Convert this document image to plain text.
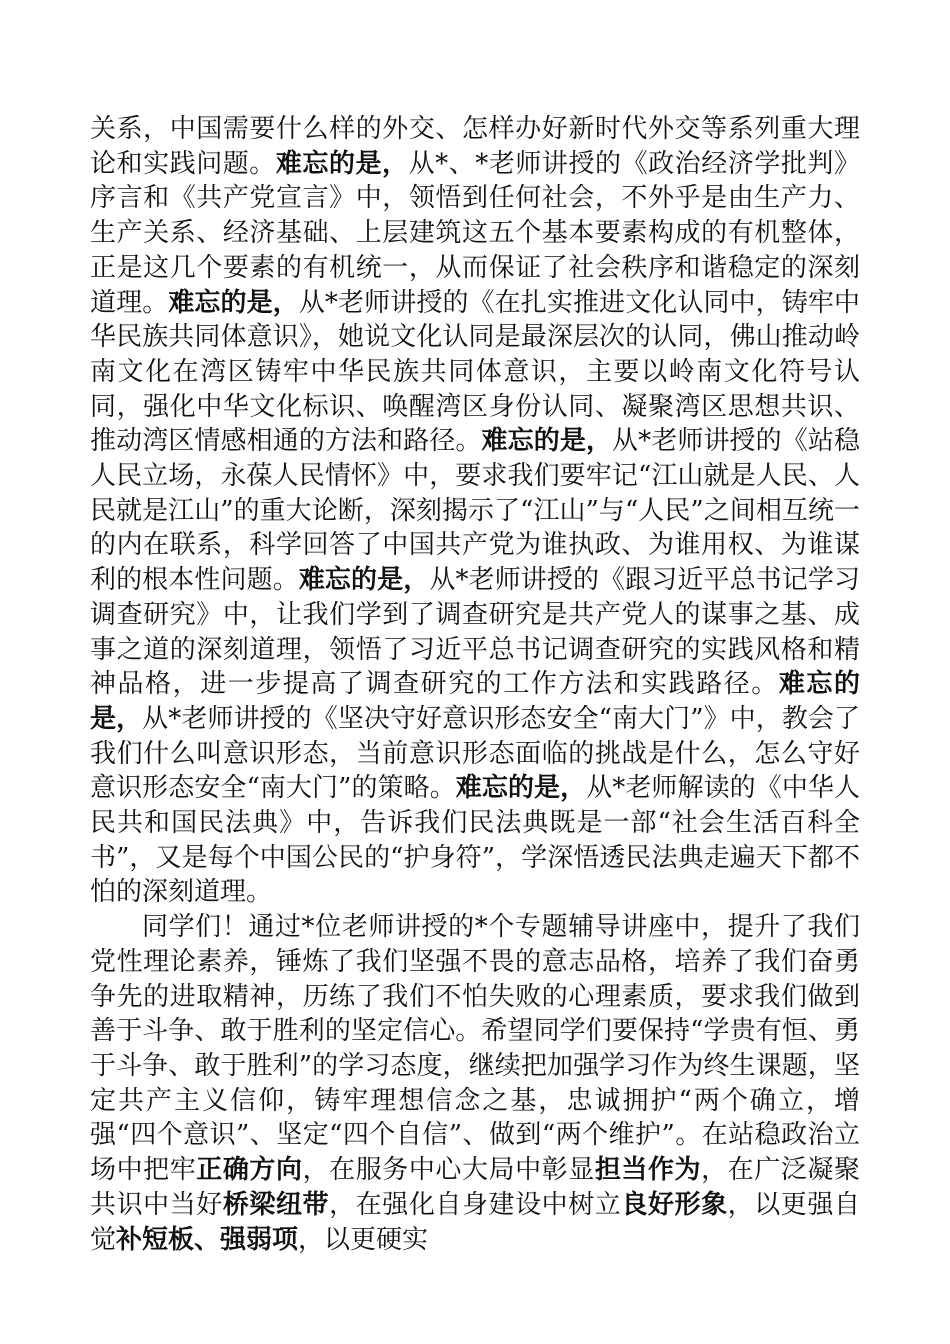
关系，中国需要什么样的外交、怎样办好新时代外交等系列重大理论和实践问题。难忘的是，从*、*老师讲授的《政治经济学批判》序言和《共产党宣言》中，领悟到任何社会，不外乎是由生产力、生产关系、经济基础、上层建筑这五个基本要素构成的有机整体，正是这几个要素的有机统一，从而保证了社会秩序和谐稳定的深刻道理。难忘的是，从*老师讲授的《在扎实推进文化认同中，铸牢中华民族共同体意识》，她说文化认同是最深层次的认同，佛山推动岭南文化在湾区铸牢中华民族共同体意识，主要以岭南文化符号认同，强化中华文化标识、唤醒湾区身份认同、凝聚湾区思想共识、推动湾区情感相通的方法和路径。难忘的是，从*老师讲授的《站稳人民立场，永葆人民情怀》中，要求我们要牢记“江山就是人民、人民就是江山”的重大论断，深刻揭示了“江山”与“人民”之间相互统一的内在联系，科学回答了中国共产党为谁执政、为谁用权、为谁谋利的根本性问题。难忘的是，从*老师讲授的《跟习近平总书记学习调查研究》中，让我们学到了调查研究是共产党人的谋事之基、成事之道的深刻道理，领悟了习近平总书记调查研究的实践风格和精神品格，进一步提高了调查研究的工作方法和实践路径。难忘的是，从*老师讲授的《坚决守好意识形态安全“南大门”》中，教会了我们什么叫意识形态，当前意识形态面临的挑战是什么，怎么守好意识形态安全“南大门”的策略。难忘的是，从*老师解读的《中华人民共和国民法典》中，告诉我们民法典既是一部“社会生活百科全书”，又是每个中国公民的“护身符”，学深悟透民法典走遍天下都不怕的深刻道理。

同学们！通过*位老师讲授的*个专题辅导讲座中，提升了我们党性理论素养，锤炼了我们坚强不畏的意志品格，培养了我们奋勇争先的进取精神，历练了我们不怕失败的心理素质，要求我们做到善于斗争、敢于胜利的坚定信心。希望同学们要保持“学贵有恒、勇于斗争、敢于胜利”的学习态度，继续把加强学习作为终生课题，坚定共产主义信仰，铸牢理想信念之基，忠诚拥护“两个确立，增强“四个意识”、坚定“四个自信”、做到“两个维护”。在站稳政治立场中把牢正确方向，在服务中心大局中彰显担当作为，在广泛凝聚共识中当好桥梁纽带，在强化自身建设中树立良好形象，以更强自觉补短板、强弱项，以更硬实
